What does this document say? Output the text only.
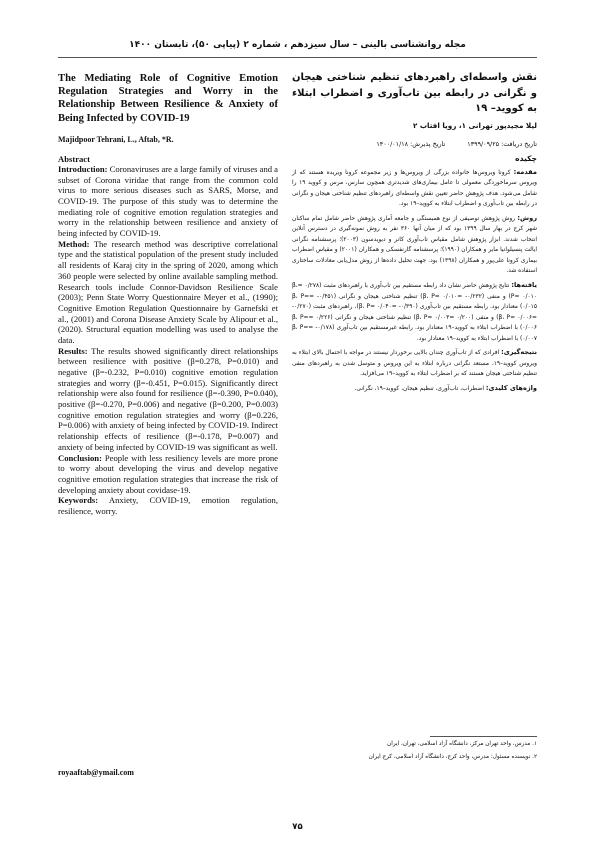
مجله روانشناسی بالینی – سال سیزدهم ، شماره ۲ (پیاپی ۵۰)، تابستان ۱۴۰۰

The Mediating Role of Cognitive Emotion Regulation Strategies and Worry in the Relationship Between Resilience & Anxiety of Being Infected by COVID-19

Majidpoor Tehrani, L., Aftab, *R.

Abstract

Introduction: Coronaviruses are a large family of viruses and a subset of Corona viridae that range from the common cold virus to more serious diseases such as SARS, Morse, and COVID-19. The purpose of this study was to determine the mediating role of cognitive emotion regulation strategies and worry in the relationship between resilience and anxiety of being infected by COVID-19.

Method: The research method was descriptive correlational type and the statistical population of the present study included all residents of Karaj city in the spring of 2020, among which 360 people were selected by online available sampling method. Research tools include Connor-Davidson Resilience Scale (2003); Penn State Worry Questionnaire Meyer et al., (1990); Cognitive Emotion Regulation Questionnaire by Garnefski et al., (2001) and Corona Disease Anxiety Scale by Alipour et al., (2020). Structural equation modelling was used to analyse the data.

Results: The results showed significantly direct relationships between resilience with positive (β=0.278, P=0.010) and negative (β=-0.232, P=0.010) cognitive emotion regulation strategies and worry (β=-0.451, P=0.015). Significantly direct relationship were also found for resilience (β=-0.390, P=0.040), positive (β=-0.270, P=0.006) and negative (β=0.200, P=0.003) cognitive emotion regulation strategies and worry (β=0.226, P=0.006) with anxiety of being infected by COVID-19. Indirect relationship effects of resilience (β=-0.178, P=0.007) and anxiety of being infected by COVID-19 was significant as well.

Conclusion: People with less resiliency levels are more prone to worry about developing the virus and develop negative cognitive emotion regulation strategies that increase the risk of developing anxiety about covidase-19.

Keywords: Anxiety, COVID-19, emotion regulation, resilience, worry.

royaaftab@ymail.com

نقش واسطه‌ای راهبردهای تنظیم شناختی هیجان و نگرانی در رابطه بین تاب‌آوری و اضطراب ابتلاء به کووید– ۱۹

لیلا مجیدپور تهرانی ۱، رویا افتاب ۲

تاریخ دریافت: ۱۳۹۹/۰۹/۲۵تاریخ پذیرش: ۱۴۰۰/۰۱/۱۸

چکیده

مقدمه: کرونا ویروس‌ها خانواده بزرگی از ویروس‌ها و زیر مجموعه کرونا ویریده هستند که از ویروس سرماخوردگی معمولی تا عامل بیماری‌های شدیدتری همچون سارس، مرس و کووید ۱۹ را شامل می‌شود. هدف پژوهش حاضر تعیین نقش واسطه‌ای راهبردهای تنظیم شناختی هیجان و نگرانی در رابطه بین تاب‌آوری و اضطراب ابتلاء به کووید–۱۹ بود.

روش: روش پژوهش توصیفی از نوع همبستگی و جامعه آماری پژوهش حاضر شامل تمام ساکنان شهر کرج در بهار سال ۱۳۹۹ بود که از میان آنها ۳۶۰ نفر به روش نمونه‌گیری در دسترس آنلاین انتخاب شدند. ابزار پژوهش شامل مقیاس تاب‌آوری کانر و دیویدسون (۲۰۰۳)؛ پرسشنامه نگرانی ایالت پنسیلوانیا مایر و همکاران (۱۹۹۰)؛ پرسشنامه گارنفسکی و همکاران (۲۰۰۱) و مقیاس اضطراب بیماری کرونا علی‌پور و همکاران (۱۳۹۸) بود. جهت تحلیل داده‌ها از روش مدل‌یابی معادلات ساختاری استفاده شد.

یافته‌ها: نتایج پژوهش حاضر نشان داد رابطه مستقیم بین تاب‌آوری با راهبردهای مثبت (۰/۲۷۸ =β، P= ۰/۰۱۰) و منفی (۰/۲۳۲- =β، P= ۰/۰۱۰) تنظیم شناختی هیجان و نگرانی (۰/۴۵۱- =β، P= ۰/۰۱۵) معنادار بود. رابطه مستقیم بین تاب‌آوری (۰/۳۹۰- =β، P= ۰/۰۴۰)، راهبردهای مثبت (۰/۲۷۰- =β، P= ۰/۰۰۶) و منفی (۰/۲۰۰ =β، P= ۰/۰۰۳) تنظیم شناختی هیجان و نگرانی (۰/۲۲۶ =β، P= ۰/۰۰۶) با اضطراب ابتلاء به کووید–۱۹ معنادار بود. رابطه غیرمستقیم بین تاب‌آوری (۰/۱۷۸- =β، P= ۰/۰۰۷) با اضطراب ابتلاء به کووید–۱۹ معنادار بود.

نتیجه‌گیری: افرادی که از تاب‌آوری چندان بالایی برخوردار نیستند در مواجه با احتمال بالای ابتلاء به ویروس کووید–۱۹، مستعد نگرانی درباره ابتلاء به این ویروس و متوسل شدن به راهبردهای منفی تنظیم شناختی هیجان هستند که بر اضطراب ابتلاء به کووید–۱۹ می‌افزاید.

واژه‌های کلیدی: اضطراب، تاب‌آوری، تنظیم هیجان، کووید–۱۹، نگرانی.

۱. مدرس، واحد تهران مرکز، دانشگاه آزاد اسلامی، تهران، ایران
۲. نویسنده مسئول: مدرس، واحد کرج، دانشگاه آزاد اسلامی، کرج ایران
۷۵
